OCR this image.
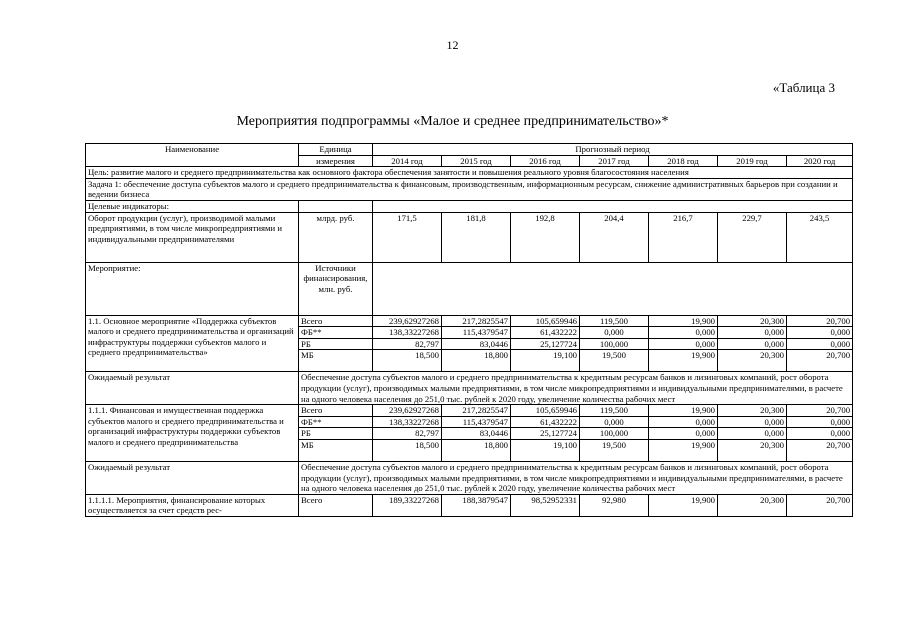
12
«Таблица 3
Мероприятия подпрограммы «Малое и среднее предпринимательство»*
Наименование	Единица	Прогнозный период						
	измерения	2014 год	2015 год	2016 год	2017 год	2018 год	2019 год	2020 год
Цель: развитие малого и среднего предпринимательства как основного фактора обеспечения занятости и повышения реального уровня благосостояния населения								
Задача 1: обеспечение доступа субъектов малого и среднего предпринимательства к финансовым, производственным, информационным ресурсам, снижение административных барьеров при создании и ведении бизнеса								
Целевые индикаторы:								
Оборот продукции (услуг), производимой малыми предприятиями, в том числе микропредприятиями и индивидуальными предпринимателями	млрд. руб.	171,5	181,8	192,8	204,4	216,7	229,7	243,5
Мероприятие:	Источники финансирования, млн. руб.							
1.1. Основное мероприятие «Поддержка субъектов малого и среднего предпринимательства и организаций инфраструктуры поддержки субъектов малого и среднего предпринимательства»	Всего	239,62927268	217,2825547	105,659946	119,500	19,900	20,300	20,700
	ФБ**	138,33227268	115,4379547	61,432222	0,000	0,000	0,000	0,000
	РБ	82,797	83,0446	25,127724	100,000	0,000	0,000	0,000
	МБ	18,500	18,800	19,100	19,500	19,900	20,300	20,700
Ожидаемый результат	Обеспечение доступа субъектов малого и среднего предпринимательства к кредитным ресурсам банков и лизинговых компаний, рост оборота продукции (услуг), производимых малыми предприятиями, в том числе микропредприятиями и индивидуальными предпринимателями, в расчете на одного человека населения до 251,0 тыс. рублей к 2020 году, увеличение количества рабочих мест							
1.1.1. Финансовая и имущественная поддержка субъектов малого и среднего предпринимательства и организаций инфраструктуры поддержки субъектов малого и среднего предпринимательства	Всего	239,62927268	217,2825547	105,659946	119,500	19,900	20,300	20,700
	ФБ**	138,33227268	115,4379547	61,432222	0,000	0,000	0,000	0,000
	РБ	82,797	83,0446	25,127724	100,000	0,000	0,000	0,000
	МБ	18,500	18,800	19,100	19,500	19,900	20,300	20,700
Ожидаемый результат	Обеспечение доступа субъектов малого и среднего предпринимательства к кредитным ресурсам банков и лизинговых компаний, рост оборота продукции (услуг), производимых малыми предприятиями, в том числе микропредприятиями и индивидуальными предпринимателями, в расчете на одного человека населения до 251,0 тыс. рублей к 2020 году, увеличение количества рабочих мест							
1.1.1.1. Мероприятия, финансирование которых осуществляется за счет средств рес-	Всего	189,33227268	188,3879547	98,52952331	92,980	19,900	20,300	20,700
